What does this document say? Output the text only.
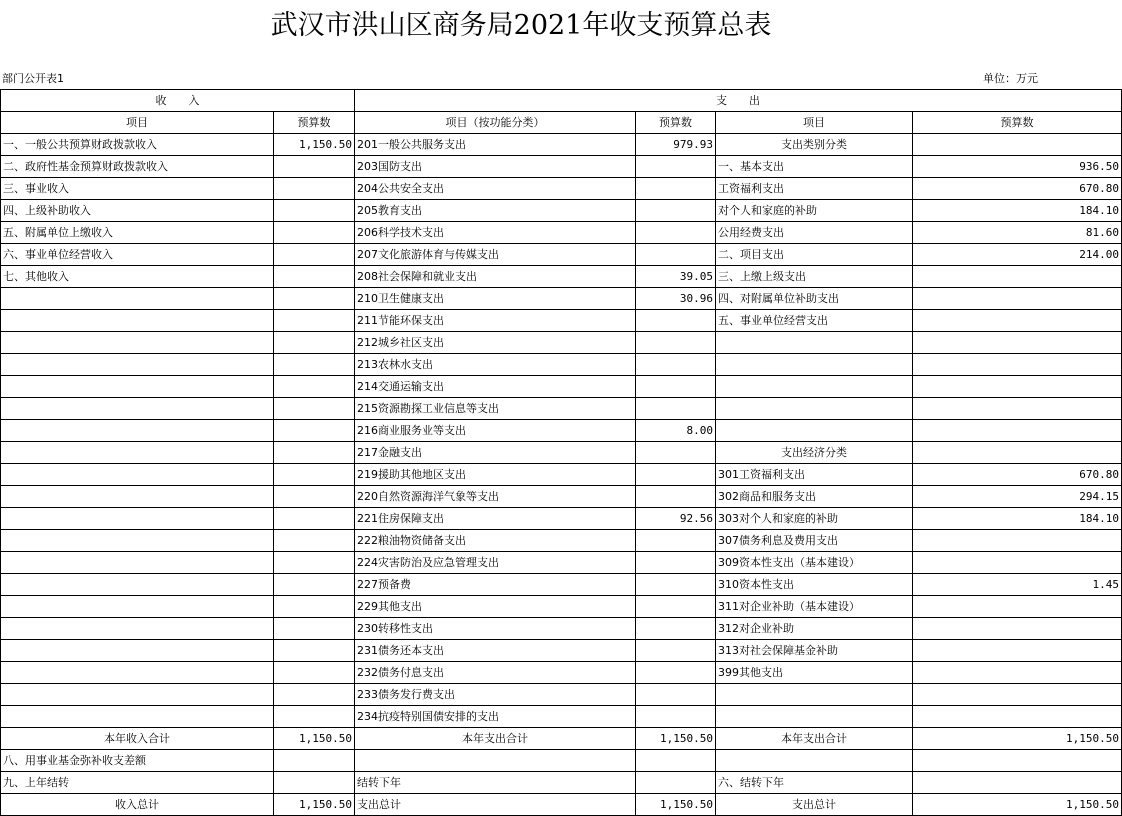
武汉市洪山区商务局2021年收支预算总表
部门公开表1	单位：万元
收　　入		支　　出			
项目	预算数	项目（按功能分类）	预算数	项目	预算数
一、一般公共预算财政拨款收入	1,150.50	201一般公共服务支出	979.93	支出类别分类	
二、政府性基金预算财政拨款收入		203国防支出		一、基本支出	936.50
三、事业收入		204公共安全支出		工资福利支出	670.80
四、上级补助收入		205教育支出		对个人和家庭的补助	184.10
五、附属单位上缴收入		206科学技术支出		公用经费支出	81.60
六、事业单位经营收入		207文化旅游体育与传媒支出		二、项目支出	214.00
七、其他收入		208社会保障和就业支出	39.05	三、上缴上级支出	
		210卫生健康支出	30.96	四、对附属单位补助支出	
		211节能环保支出		五、事业单位经营支出	
		212城乡社区支出			
		213农林水支出			
		214交通运输支出			
		215资源勘探工业信息等支出			
		216商业服务业等支出	8.00		
		217金融支出		支出经济分类	
		219援助其他地区支出		301工资福利支出	670.80
		220自然资源海洋气象等支出		302商品和服务支出	294.15
		221住房保障支出	92.56	303对个人和家庭的补助	184.10
		222粮油物资储备支出		307债务利息及费用支出	
		224灾害防治及应急管理支出		309资本性支出（基本建设）	
		227预备费		310资本性支出	1.45
		229其他支出		311对企业补助（基本建设）	
		230转移性支出		312对企业补助	
		231债务还本支出		313对社会保障基金补助	
		232债务付息支出		399其他支出	
		233债务发行费支出			
		234抗疫特别国债安排的支出			
本年收入合计	1,150.50	本年支出合计	1,150.50	本年支出合计	1,150.50
八、用事业基金弥补收支差额					
九、上年结转		结转下年		六、结转下年	
收入总计	1,150.50	支出总计	1,150.50	支出总计	1,150.50
